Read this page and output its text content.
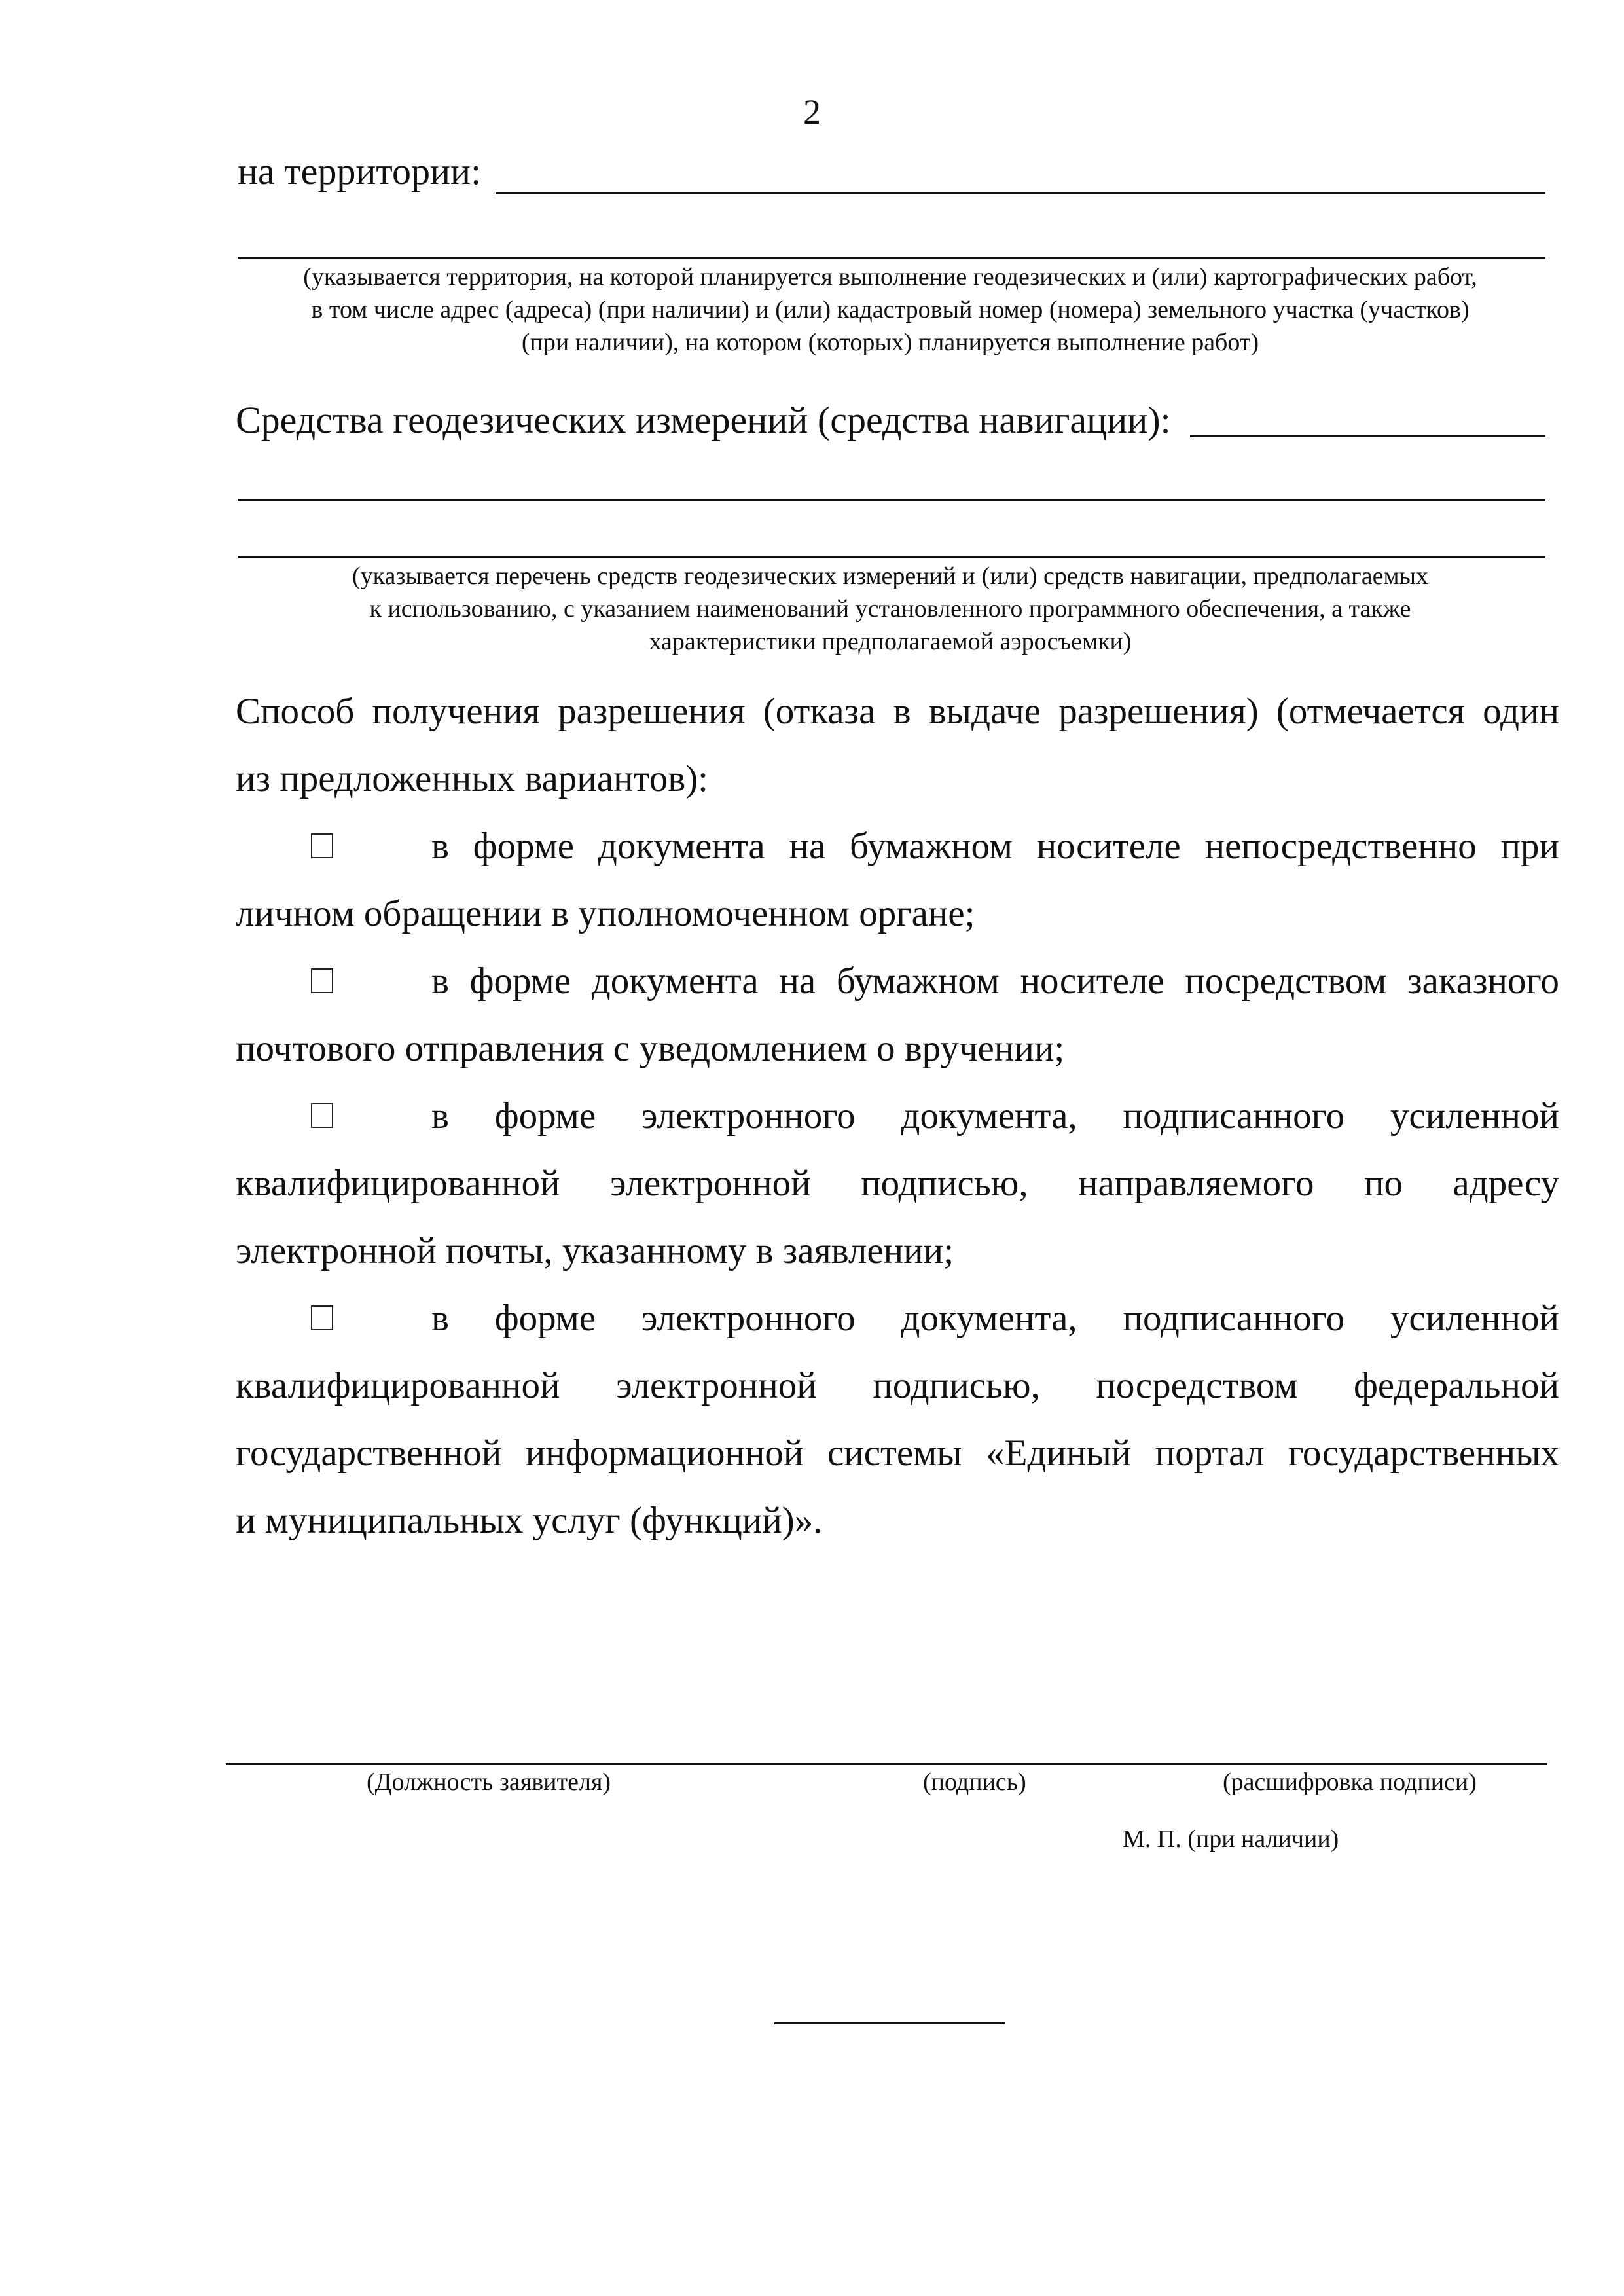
2
на территории:
(указывается территория, на которой планируется выполнение геодезических и (или) картографических работ,
в том числе адрес (адреса) (при наличии) и (или) кадастровый номер (номера) земельного участка (участков)
(при наличии), на котором (которых) планируется выполнение работ)
Средства геодезических измерений (средства навигации):
(указывается перечень средств геодезических измерений и (или) средств навигации, предполагаемых
к использованию, с указанием наименований установленного программного обеспечения, а также
характеристики предполагаемой аэросъемки)
Способ получения разрешения (отказа в выдаче разрешения) (отмечается один
из предложенных вариантов):
в форме документа на бумажном носителе непосредственно при
личном обращении в уполномоченном органе;
в форме документа на бумажном носителе посредством заказного
почтового отправления с уведомлением о вручении;
в форме электронного документа, подписанного усиленной
квалифицированной электронной подписью, направляемого по адресу
электронной почты, указанному в заявлении;
в форме электронного документа, подписанного усиленной
квалифицированной электронной подписью, посредством федеральной
государственной информационной системы «Единый портал государственных
и муниципальных услуг (функций)».
(Должность заявителя)	(подпись)	(расшифровка подписи)
М. П. (при наличии)
